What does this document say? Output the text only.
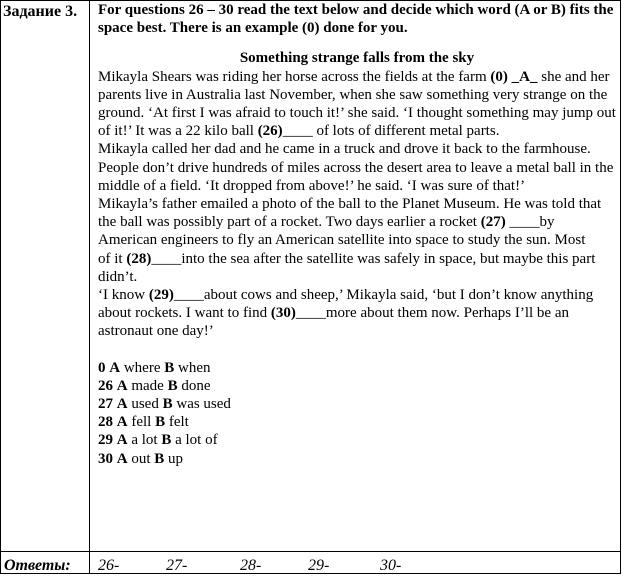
Задание 3.	For questions 26 – 30 read the text below and decide which word (A or B) fits the space best. There is an example (0) done for you.

Something strange falls from the sky

Mikayla Shears was riding her horse across the fields at the farm (0) _A_ she and her parents live in Australia last November, when she saw something very strange on the ground. ‘At first I was afraid to touch it!’ she said. ‘I thought something may jump out of it!’ It was a 22 kilo ball (26)____ of lots of different metal parts.

Mikayla called her dad and he came in a truck and drove it back to the farmhouse. People don’t drive hundreds of miles across the desert area to leave a metal ball in the middle of a field. ‘It dropped from above!’ he said. ‘I was sure of that!’

Mikayla’s father emailed a photo of the ball to the Planet Museum. He was told that the ball was possibly part of a rocket. Two days earlier a rocket (27) ____by American engineers to fly an American satellite into space to study the sun. Most

of it (28)____into the sea after the satellite was safely in space, but maybe this part didn’t.

‘I know (29)____about cows and sheep,’ Mikayla said, ‘but I don’t know anything about rockets. I want to find (30)____more about them now. Perhaps I’ll be an astronaut one day!’

0 A where B when

26 A made B done

27 A used B was used

28 A fell B felt

29 A a lot B a lot of

30 A out B up

Ответы: 26-	27-	28-	29-	30-
